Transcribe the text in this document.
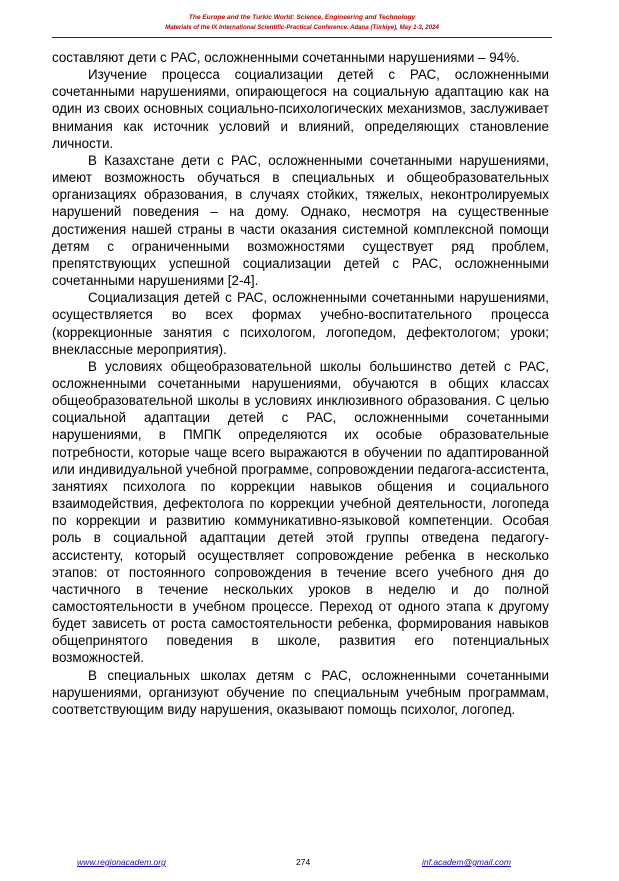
The Europe and the Turkic World: Science, Engineering and Technology
Materials of the IX International Scientific-Practical Conference. Adana (Türkiye), May 1-3, 2024

составляют дети с РАС, осложненными сочетанными нарушениями – 94%.

Изучение процесса социализации детей с РАС, осложненными сочетанными нарушениями, опирающегося на социальную адаптацию как на один из своих основных социально-психологических механизмов, заслуживает внимания как источник условий и влияний, определяющих становление личности.

В Казахстане дети с РАС, осложненными сочетанными нарушениями, имеют возможность обучаться в специальных и общеобразовательных организациях образования, в случаях стойких, тяжелых, неконтролируемых нарушений поведения – на дому. Однако, несмотря на существенные достижения нашей страны в части оказания системной комплексной помощи детям с ограниченными возможностями существует ряд проблем, препятствующих успешной социализации детей с РАС, осложненными сочетанными нарушениями [2-4].

Социализация детей с РАС, осложненными сочетанными нарушениями, осуществляется во всех формах учебно-воспитательного процесса (коррекционные занятия с психологом, логопедом, дефектологом; уроки; внеклассные мероприятия).

В условиях общеобразовательной школы большинство детей с РАС, осложненными сочетанными нарушениями, обучаются в общих классах общеобразовательной школы в условиях инклюзивного образования. С целью социальной адаптации детей с РАС, осложненными сочетанными нарушениями, в ПМПК определяются их особые образовательные потребности, которые чаще всего выражаются в обучении по адаптированной или индивидуальной учебной программе, сопровождении педагога-ассистента, занятиях психолога по коррекции навыков общения и социального взаимодействия, дефектолога по коррекции учебной деятельности, логопеда по коррекции и развитию коммуникативно-языковой компетенции. Особая роль в социальной адаптации детей этой группы отведена педагогу-ассистенту, который осуществляет сопровождение ребенка в несколько этапов: от постоянного сопровождения в течение всего учебного дня до частичного в течение нескольких уроков в неделю и до полной самостоятельности в учебном процессе. Переход от одного этапа к другому будет зависеть от роста самостоятельности ребенка, формирования навыков общепринятого поведения в школе, развития его потенциальных возможностей.

В специальных школах детям с РАС, осложненными сочетанными нарушениями, организуют обучение по специальным учебным программам, соответствующим виду нарушения, оказывают помощь психолог, логопед.

www.regionacadem.org	274	inf.academ@gmail.com
